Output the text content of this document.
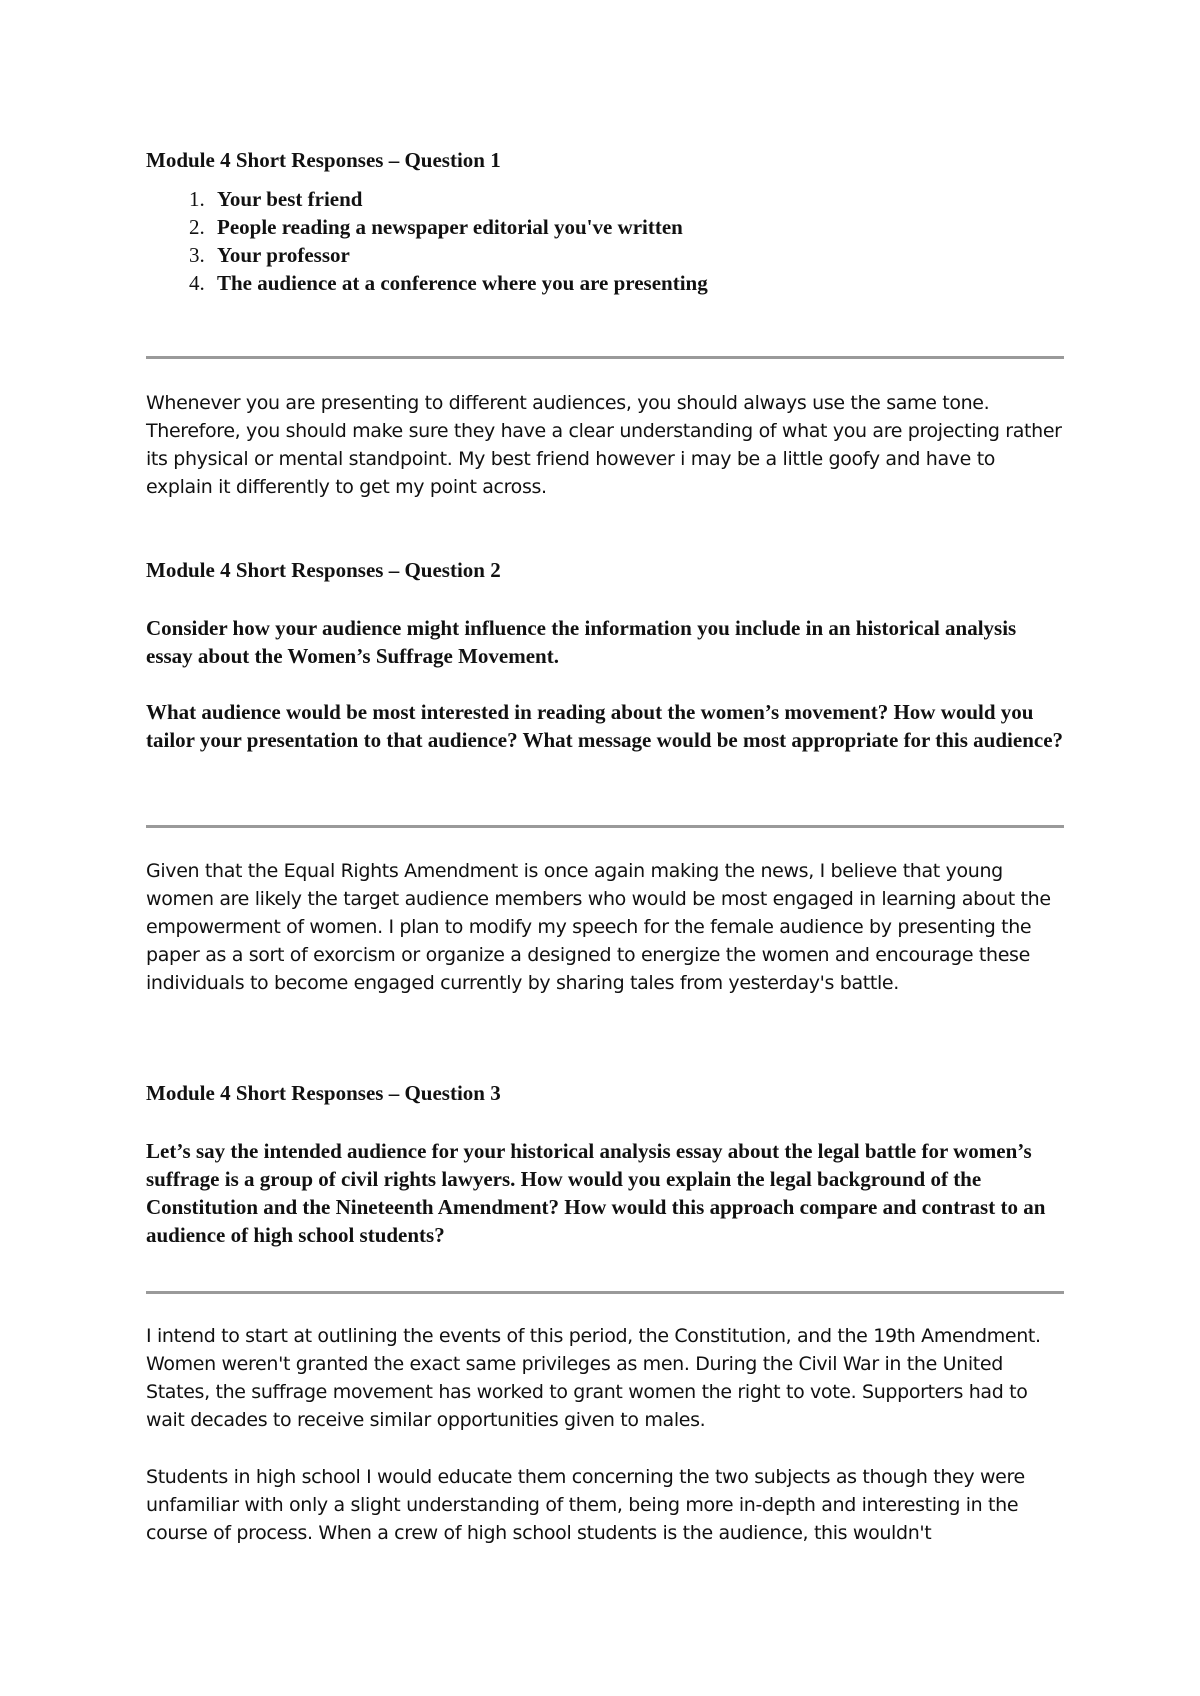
Module 4 Short Responses – Question 1
1. Your best friend
2. People reading a newspaper editorial you've written
3. Your professor
4. The audience at a conference where you are presenting

Whenever you are presenting to different audiences, you should always use the same tone. Therefore, you should make sure they have a clear understanding of what you are projecting rather its physical or mental standpoint. My best friend however i may be a little goofy and have to explain it differently to get my point across.

Module 4 Short Responses – Question 2

Consider how your audience might influence the information you include in an historical analysis essay about the Women’s Suffrage Movement.

What audience would be most interested in reading about the women’s movement? How would you tailor your presentation to that audience? What message would be most appropriate for this audience?

Given that the Equal Rights Amendment is once again making the news, I believe that young women are likely the target audience members who would be most engaged in learning about the empowerment of women. I plan to modify my speech for the female audience by presenting the paper as a sort of exorcism or organize a designed to energize the women and encourage these individuals to become engaged currently by sharing tales from yesterday's battle.

Module 4 Short Responses – Question 3

Let’s say the intended audience for your historical analysis essay about the legal battle for women’s suffrage is a group of civil rights lawyers. How would you explain the legal background of the Constitution and the Nineteenth Amendment? How would this approach compare and contrast to an audience of high school students?

I intend to start at outlining the events of this period, the Constitution, and the 19th Amendment. Women weren't granted the exact same privileges as men. During the Civil War in the United States, the suffrage movement has worked to grant women the right to vote. Supporters had to wait decades to receive similar opportunities given to males.

Students in high school I would educate them concerning the two subjects as though they were unfamiliar with only a slight understanding of them, being more in-depth and interesting in the course of process. When a crew of high school students is the audience, this wouldn't
